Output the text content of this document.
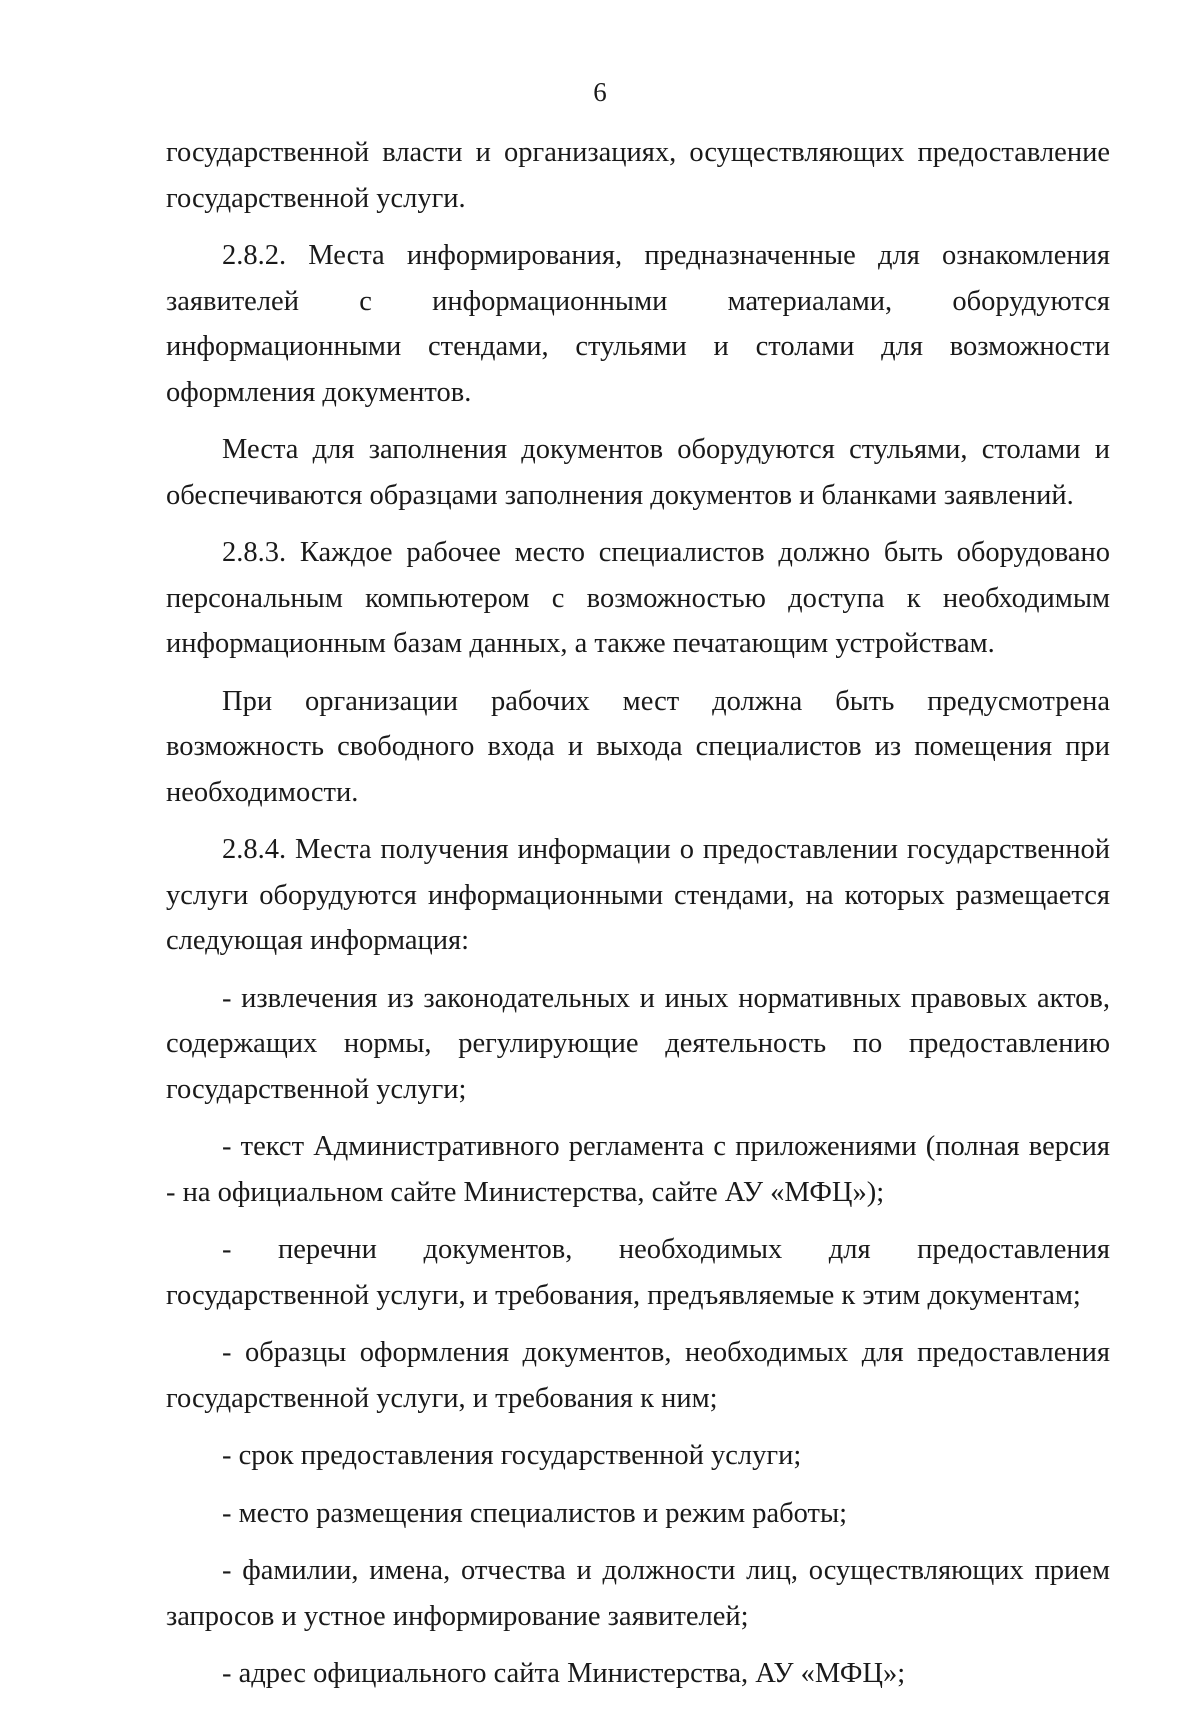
6

государственной власти и организациях, осуществляющих предоставление государственной услуги.

2.8.2. Места информирования, предназначенные для ознакомления заявителей с информационными материалами, оборудуются информационными стендами, стульями и столами для возможности оформления документов.

Места для заполнения документов оборудуются стульями, столами и обеспечиваются образцами заполнения документов и бланками заявлений.

2.8.3. Каждое рабочее место специалистов должно быть оборудовано персональным компьютером с возможностью доступа к необходимым информационным базам данных, а также печатающим устройствам.

При организации рабочих мест должна быть предусмотрена возможность свободного входа и выхода специалистов из помещения при необходимости.

2.8.4. Места получения информации о предоставлении государственной услуги оборудуются информационными стендами, на которых размещается следующая информация:

- извлечения из законодательных и иных нормативных правовых актов, содержащих нормы, регулирующие деятельность по предоставлению государственной услуги;

- текст Административного регламента с приложениями (полная версия - на официальном сайте Министерства, сайте АУ «МФЦ»);

- перечни документов, необходимых для предоставления государственной услуги, и требования, предъявляемые к этим документам;

- образцы оформления документов, необходимых для предоставления государственной услуги, и требования к ним;

- срок предоставления государственной услуги;

- место размещения специалистов и режим работы;

- фамилии, имена, отчества и должности лиц, осуществляющих прием запросов и устное информирование заявителей;

- адрес официального сайта Министерства, АУ «МФЦ»;
